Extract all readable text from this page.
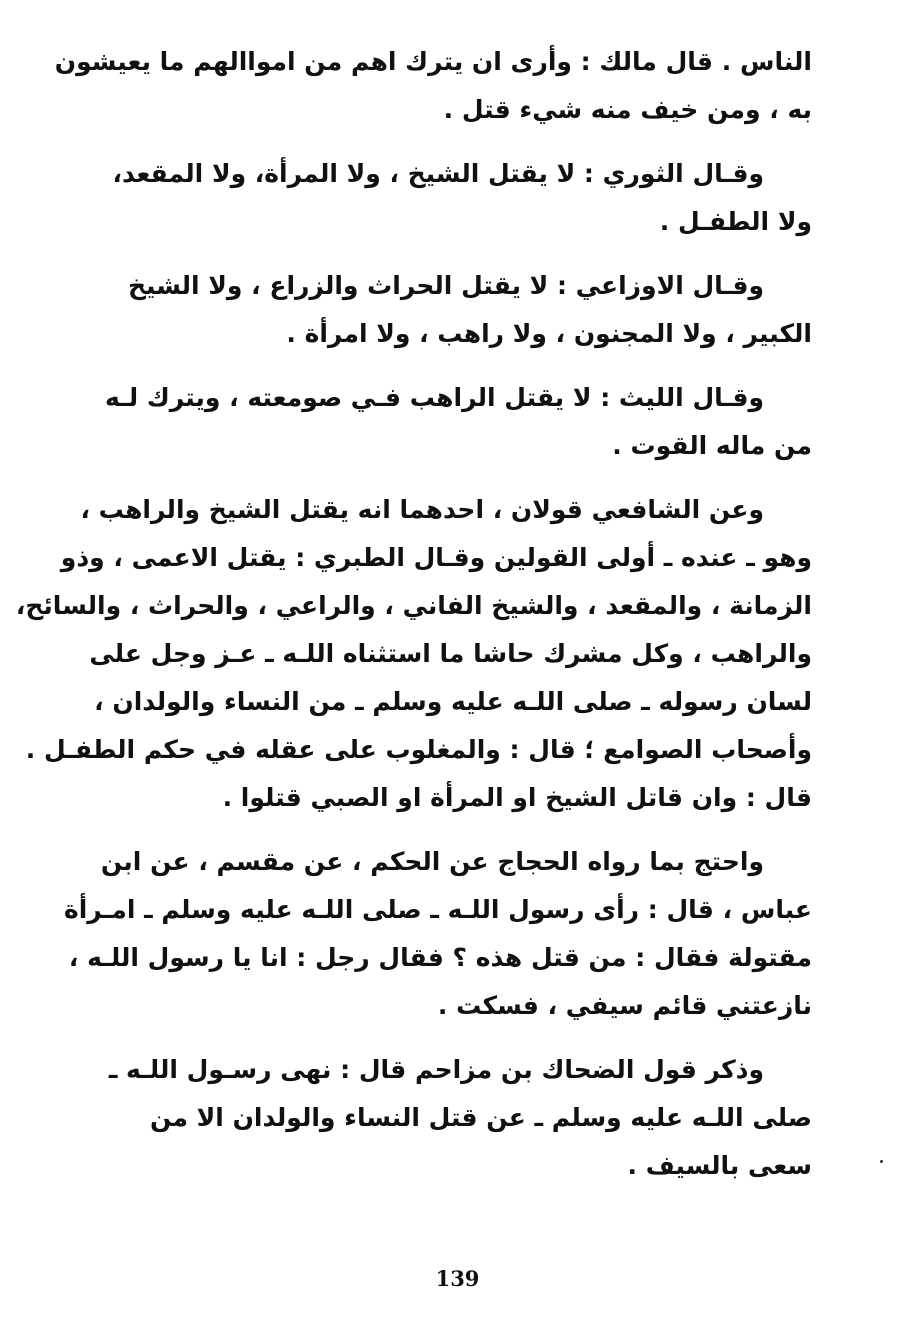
الناس . قال مالك : وأرى ان يترك اهم من امواالهم ما يعيشون
به ، ومن خيف منه شيء قتل .

وقـال الثوري : لا يقتل الشيخ ، ولا المرأة، ولا المقعد،
ولا الطفـل .

وقـال الاوزاعي : لا يقتل الحراث والزراع ، ولا الشيخ
الكبير ، ولا المجنون ، ولا راهب ، ولا امرأة .

وقـال الليث : لا يقتل الراهب فـي صومعته ، ويترك لـه
من ماله القوت .

وعن الشافعي قولان ، احدهما انه يقتل الشيخ والراهب ،
وهو ـ عنده ـ أولى القولين وقـال الطبري : يقتل الاعمى ، وذو
الزمانة ، والمقعد ، والشيخ الفاني ، والراعي ، والحراث ، والسائح،
والراهب ، وكل مشرك حاشا ما استثناه اللـه ـ عـز وجل على
لسان رسوله ـ صلى اللـه عليه وسلم ـ من النساء والولدان ،
وأصحاب الصوامع ؛ قال : والمغلوب على عقله في حكم الطفـل .
قال : وان قاتل الشيخ او المرأة او الصبي قتلوا .

واحتج بما رواه الحجاج عن الحكم ، عن مقسم ، عن ابن
عباس ، قال : رأى رسول اللـه ـ صلى اللـه عليه وسلم ـ امـرأة
مقتولة فقال : من قتل هذه ؟ فقال رجل : انا يا رسول اللـه ،
نازعتني قائم سيفي ، فسكت .

وذكر قول الضحاك بن مزاحم قال : نهى رسـول اللـه ـ
صلى اللـه عليه وسلم ـ عن قتل النساء والولدان الا من
سعى بالسيف .

139
